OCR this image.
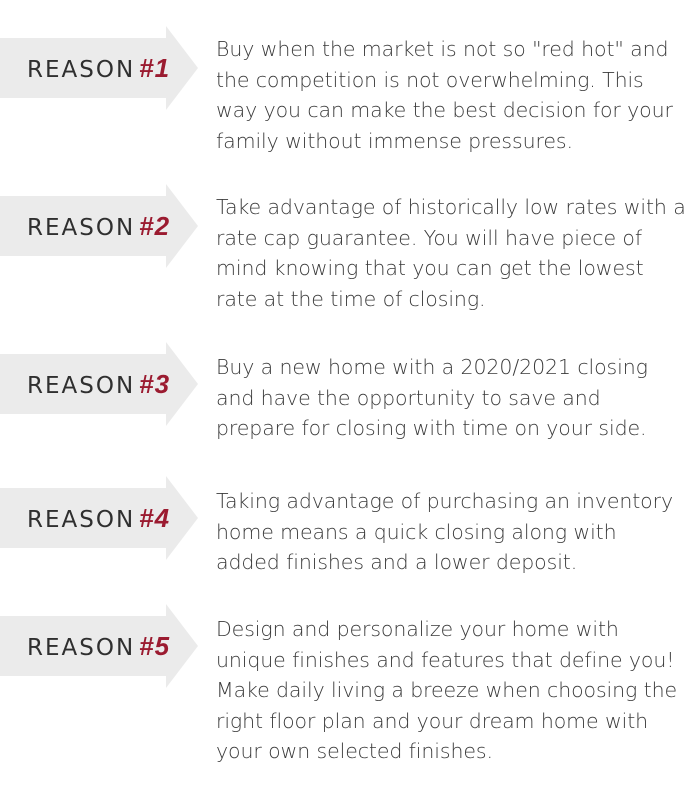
REASON #1
Buy when the market is not so "red hot" and the competition is not overwhelming. This way you can make the best decision for your family without immense pressures.
REASON #2
Take advantage of historically low rates with a rate cap guarantee. You will have piece of mind knowing that you can get the lowest rate at the time of closing.
REASON #3
Buy a new home with a 2020/2021 closing and have the opportunity to save and prepare for closing with time on your side.
REASON #4
Taking advantage of purchasing an inventory home means a quick closing along with added finishes and a lower deposit.
REASON #5
Design and personalize your home with unique finishes and features that define you! Make daily living a breeze when choosing the right floor plan and your dream home with your own selected finishes.
